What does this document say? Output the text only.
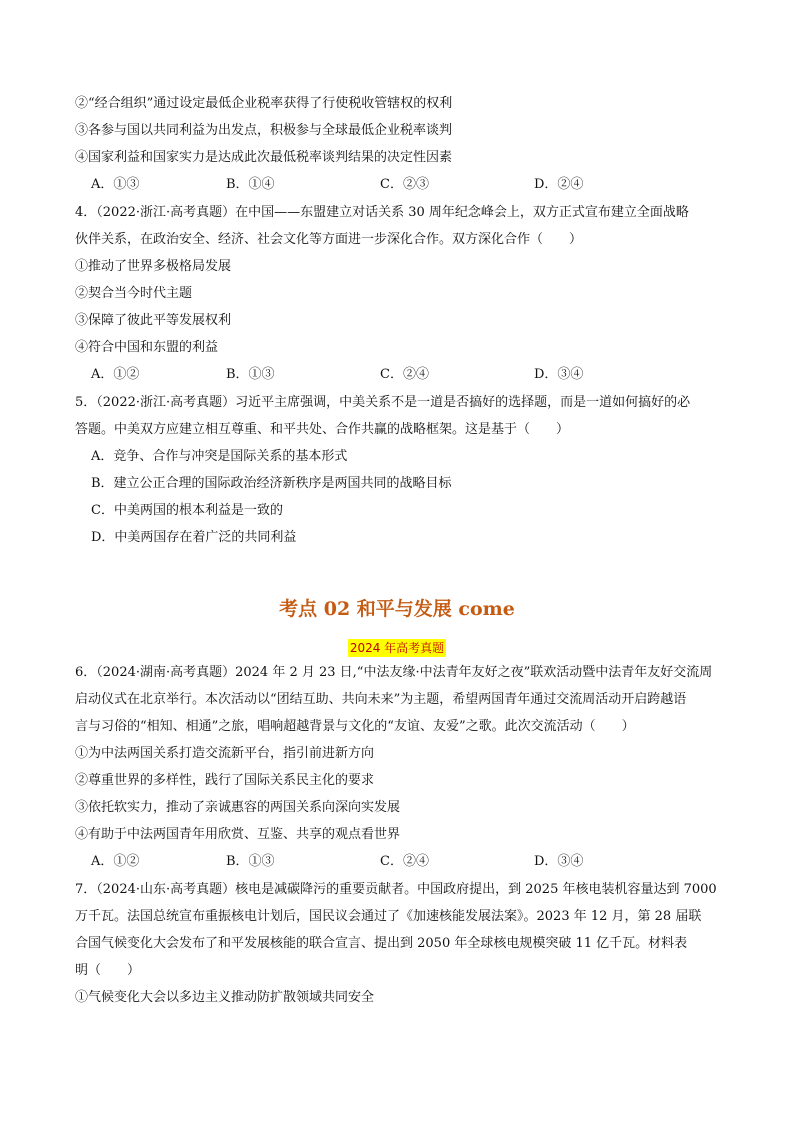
②“经合组织”通过设定最低企业税率获得了行使税收管辖权的权利
③各参与国以共同利益为出发点，积极参与全球最低企业税率谈判
④国家利益和国家实力是达成此次最低税率谈判结果的决定性因素
A．①③	B．①④	C．②③	D．②④
4．（2022·浙江·高考真题）在中国——东盟建立对话关系 30 周年纪念峰会上，双方正式宣布建立全面战略
伙伴关系，在政治安全、经济、社会文化等方面进一步深化合作。双方深化合作（　　）
①推动了世界多极格局发展
②契合当今时代主题
③保障了彼此平等发展权利
④符合中国和东盟的利益
A．①②	B．①③	C．②④	D．③④
5．（2022·浙江·高考真题）习近平主席强调，中美关系不是一道是否搞好的选择题，而是一道如何搞好的必
答题。中美双方应建立相互尊重、和平共处、合作共赢的战略框架。这是基于（　　）
A．竞争、合作与冲突是国际关系的基本形式
B．建立公正合理的国际政治经济新秩序是两国共同的战略目标
C．中美两国的根本利益是一致的
D．中美两国存在着广泛的共同利益
考点 02 和平与发展 come
2024 年高考真题
6．（2024·湖南·高考真题）2024 年 2 月 23 日,“中法友缘·中法青年友好之夜”联欢活动暨中法青年友好交流周
启动仪式在北京举行。本次活动以“团结互助、共向未来”为主题，希望两国青年通过交流周活动开启跨越语
言与习俗的“相知、相通”之旅，唱响超越背景与文化的“友谊、友爱”之歌。此次交流活动（　　）
①为中法两国关系打造交流新平台，指引前进新方向
②尊重世界的多样性，践行了国际关系民主化的要求
③依托软实力，推动了亲诚惠容的两国关系向深向实发展
④有助于中法两国青年用欣赏、互鉴、共享的观点看世界
A．①②	B．①③	C．②④	D．③④
7．（2024·山东·高考真题）核电是减碳降污的重要贡献者。中国政府提出，到 2025 年核电装机容量达到 7000
万千瓦。法国总统宣布重振核电计划后，国民议会通过了《加速核能发展法案》。2023 年 12 月，第 28 届联
合国气候变化大会发布了和平发展核能的联合宣言、提出到 2050 年全球核电规模突破 11 亿千瓦。材料表
明（　　）
①气候变化大会以多边主义推动防扩散领域共同安全
